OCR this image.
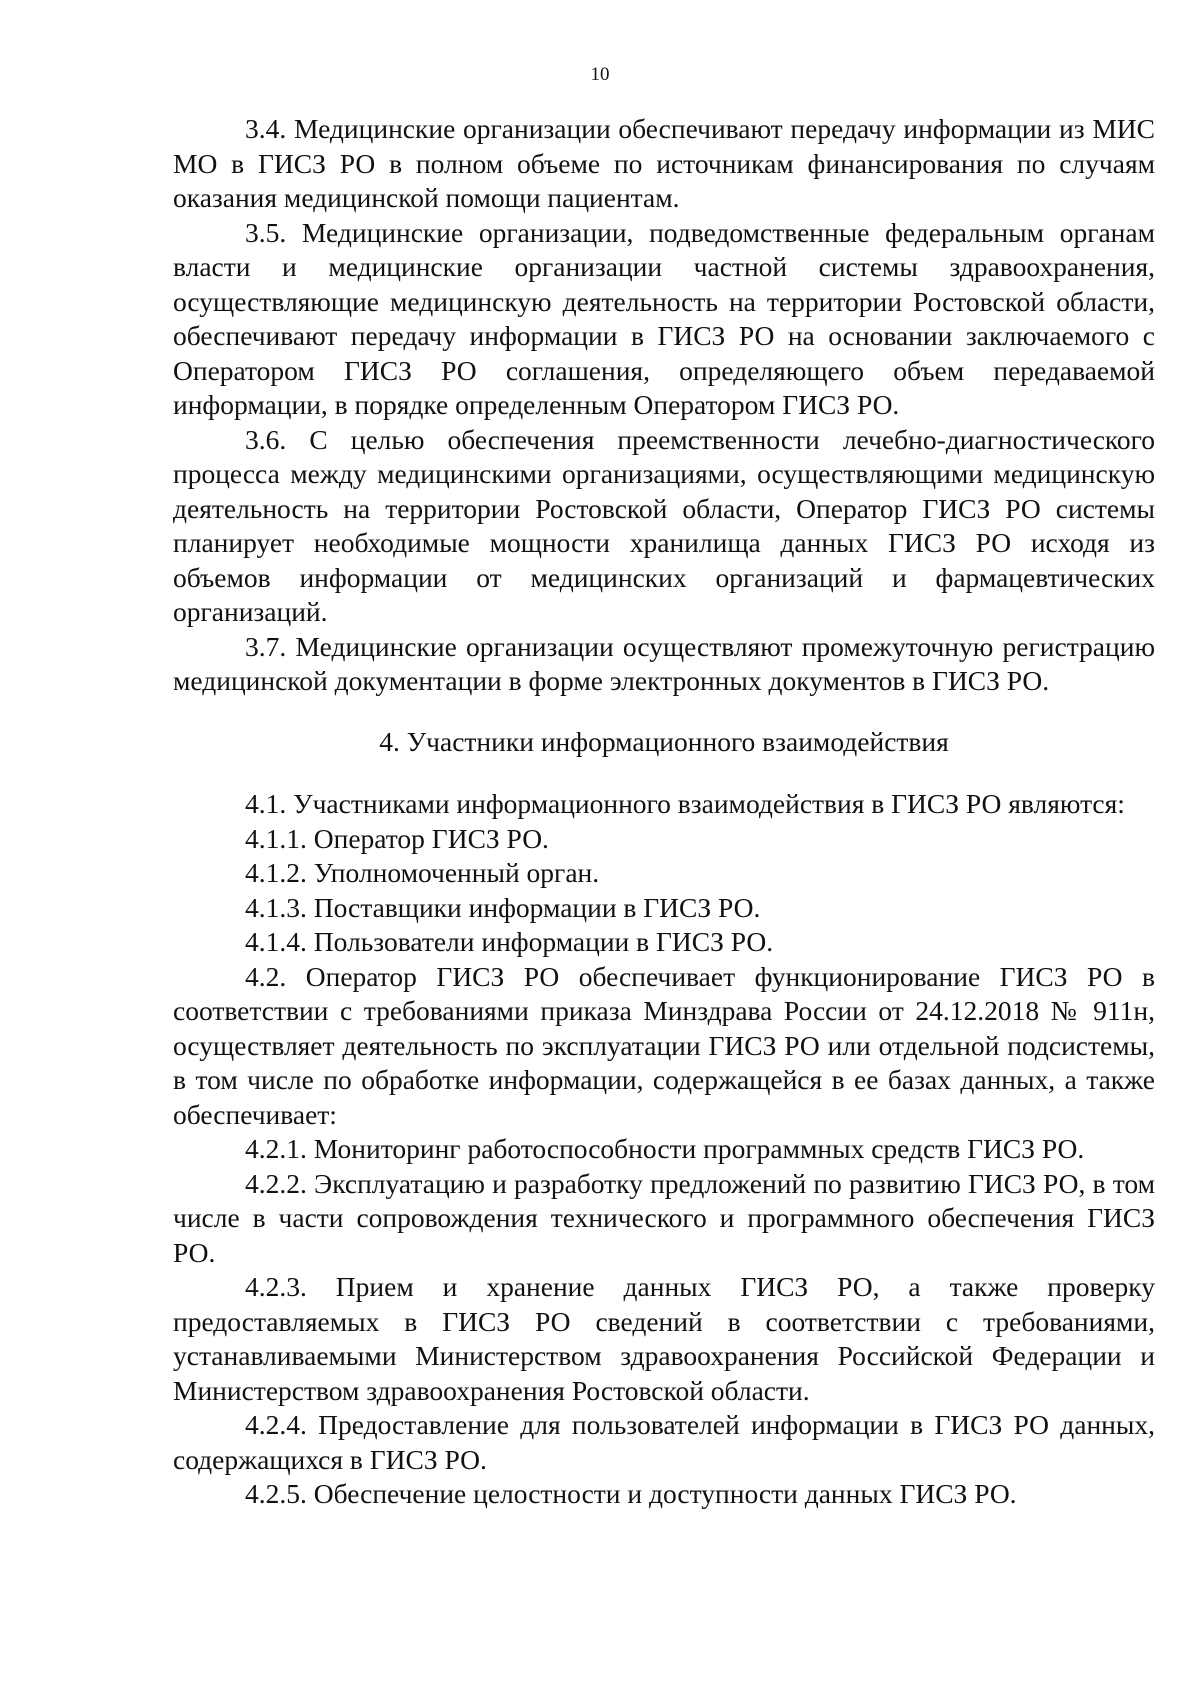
10

3.4. Медицинские организации обеспечивают передачу информации из МИС МО в ГИСЗ РО в полном объеме по источникам финансирования по случаям оказания медицинской помощи пациентам.

3.5. Медицинские организации, подведомственные федеральным органам власти и медицинские организации частной системы здравоохранения, осуществляющие медицинскую деятельность на территории Ростовской области, обеспечивают передачу информации в ГИСЗ РО на основании заключаемого с Оператором ГИСЗ РО соглашения, определяющего объем передаваемой информации, в порядке определенным Оператором ГИСЗ РО.

3.6. С целью обеспечения преемственности лечебно-диагностического процесса между медицинскими организациями, осуществляющими медицинскую деятельность на территории Ростовской области, Оператор ГИСЗ РО системы планирует необходимые мощности хранилища данных ГИСЗ РО исходя из объемов информации от медицинских организаций и фармацевтических организаций.

3.7. Медицинские организации осуществляют промежуточную регистрацию медицинской документации в форме электронных документов в ГИСЗ РО.

4. Участники информационного взаимодействия

4.1. Участниками информационного взаимодействия в ГИСЗ РО являются:

4.1.1. Оператор ГИСЗ РО.

4.1.2. Уполномоченный орган.

4.1.3. Поставщики информации в ГИСЗ РО.

4.1.4. Пользователи информации в ГИСЗ РО.

4.2. Оператор ГИСЗ РО обеспечивает функционирование ГИСЗ РО в соответствии с требованиями приказа Минздрава России от 24.12.2018 № 911н, осуществляет деятельность по эксплуатации ГИСЗ РО или отдельной подсистемы, в том числе по обработке информации, содержащейся в ее базах данных, а также обеспечивает:

4.2.1. Мониторинг работоспособности программных средств ГИСЗ РО.

4.2.2. Эксплуатацию и разработку предложений по развитию ГИСЗ РО, в том числе в части сопровождения технического и программного обеспечения ГИСЗ РО.

4.2.3. Прием и хранение данных ГИСЗ РО, а также проверку предоставляемых в ГИСЗ РО сведений в соответствии с требованиями, устанавливаемыми Министерством здравоохранения Российской Федерации и Министерством здравоохранения Ростовской области.

4.2.4. Предоставление для пользователей информации в ГИСЗ РО данных, содержащихся в ГИСЗ РО.

4.2.5. Обеспечение целостности и доступности данных ГИСЗ РО.
